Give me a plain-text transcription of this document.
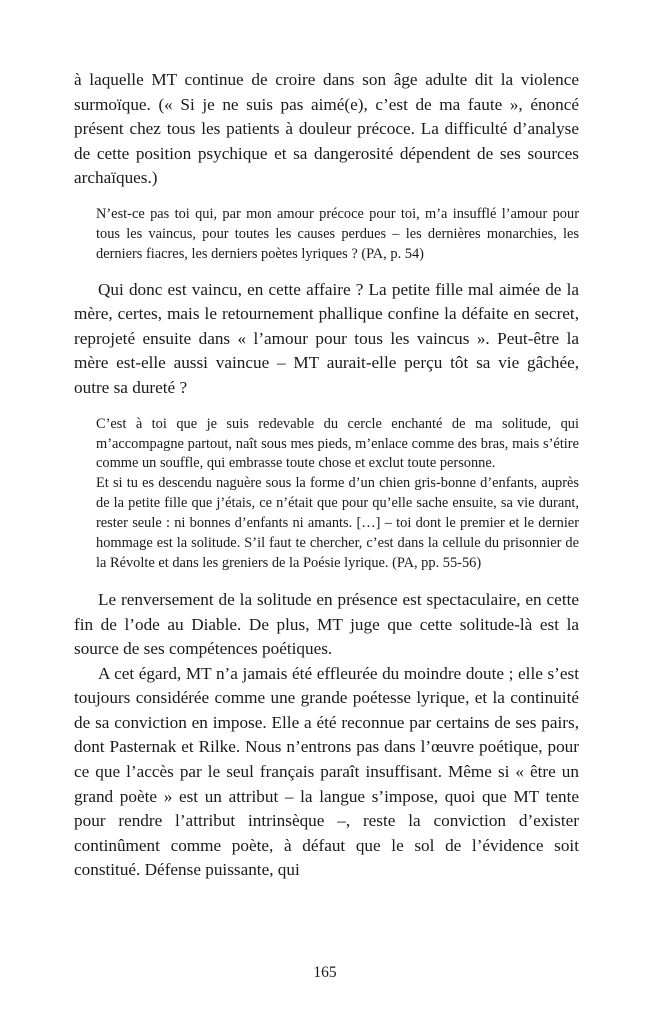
à laquelle MT continue de croire dans son âge adulte dit la violence surmoïque. (« Si je ne suis pas aimé(e), c’est de ma faute », énoncé présent chez tous les patients à douleur précoce. La difficulté d’analyse de cette position psychique et sa dangerosité dépendent de ses sources archaïques.)

N’est-ce pas toi qui, par mon amour précoce pour toi, m’a insufflé l’amour pour tous les vaincus, pour toutes les causes perdues – les dernières monarchies, les derniers fiacres, les derniers poètes lyriques ? (PA, p. 54)

Qui donc est vaincu, en cette affaire ? La petite fille mal aimée de la mère, certes, mais le retournement phallique confine la défaite en secret, reprojeté ensuite dans « l’amour pour tous les vaincus ». Peut-être la mère est-elle aussi vaincue – MT aurait-elle perçu tôt sa vie gâchée, outre sa dureté ?

C’est à toi que je suis redevable du cercle enchanté de ma solitude, qui m’accompagne partout, naît sous mes pieds, m’enlace comme des bras, mais s’étire comme un souffle, qui embrasse toute chose et exclut toute personne.

Et si tu es descendu naguère sous la forme d’un chien gris-bonne d’enfants, auprès de la petite fille que j’étais, ce n’était que pour qu’elle sache ensuite, sa vie durant, rester seule : ni bonnes d’enfants ni amants. […] – toi dont le premier et le dernier hommage est la solitude. S’il faut te chercher, c’est dans la cellule du prisonnier de la Révolte et dans les greniers de la Poésie lyrique. (PA, pp. 55-56)

Le renversement de la solitude en présence est spectaculaire, en cette fin de l’ode au Diable. De plus, MT juge que cette solitude-là est la source de ses compétences poétiques.

A cet égard, MT n’a jamais été effleurée du moindre doute ; elle s’est toujours considérée comme une grande poétesse lyrique, et la continuité de sa conviction en impose. Elle a été reconnue par certains de ses pairs, dont Pasternak et Rilke. Nous n’entrons pas dans l’œuvre poétique, pour ce que l’accès par le seul français paraît insuffisant. Même si « être un grand poète » est un attribut – la langue s’impose, quoi que MT tente pour rendre l’attribut intrinsèque –, reste la conviction d’exister continûment comme poète, à défaut que le sol de l’évidence soit constitué. Défense puissante, qui

165
